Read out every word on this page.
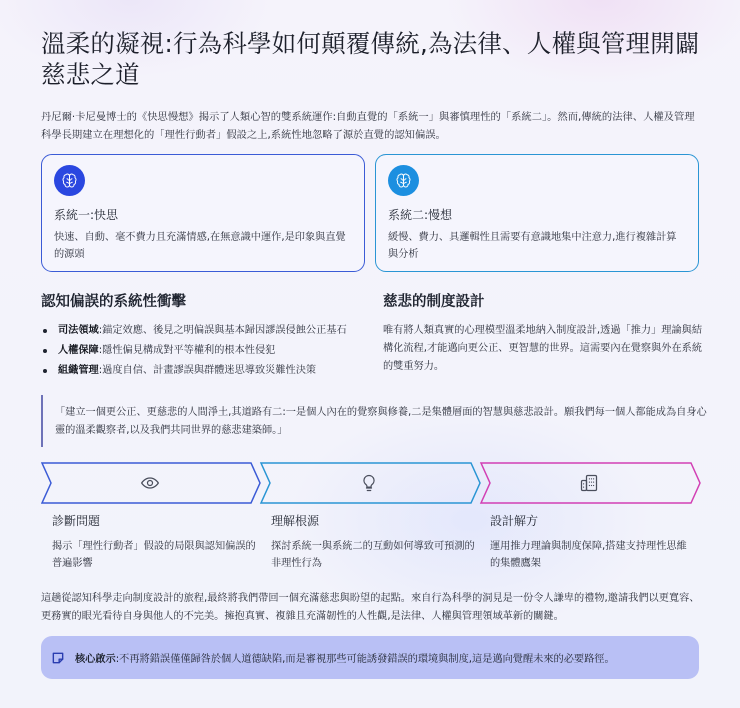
溫柔的凝視:行為科學如何顛覆傳統,為法律、人權與管理開闢慈悲之道

丹尼爾·卡尼曼博士的《快思慢想》揭示了人類心智的雙系統運作:自動直覺的「系統一」與審慎理性的「系統二」。然而,傳統的法律、人權及管理科學長期建立在理想化的「理性行動者」假設之上,系統性地忽略了源於直覺的認知偏誤。

系統一:快思
快速、自動、毫不費力且充滿情感,在無意識中運作,是印象與直覺的源頭
系統二:慢想
緩慢、費力、具邏輯性且需要有意識地集中注意力,進行複雜計算與分析
認知偏誤的系統性衝擊
司法領域:錨定效應、後見之明偏誤與基本歸因謬誤侵蝕公正基石
人權保障:隱性偏見構成對平等權利的根本性侵犯
組織管理:過度自信、計畫謬誤與群體迷思導致災難性決策
慈悲的制度設計

唯有將人類真實的心理模型溫柔地納入制度設計,透過「推力」理論與結構化流程,才能邁向更公正、更智慧的世界。這需要內在覺察與外在系統的雙重努力。

「建立一個更公正、更慈悲的人間淨土,其道路有二:一是個人內在的覺察與修養,二是集體層面的智慧與慈悲設計。願我們每一個人都能成為自身心靈的溫柔觀察者,以及我們共同世界的慈悲建築師。」
診斷問題
揭示「理性行動者」假設的局限與認知偏誤的普遍影響
理解根源
探討系統一與系統二的互動如何導致可預測的非理性行為
設計解方
運用推力理論與制度保障,搭建支持理性思維的集體鷹架

這趟從認知科學走向制度設計的旅程,最終將我們帶回一個充滿慈悲與盼望的起點。來自行為科學的洞見是一份令人謙卑的禮物,邀請我們以更寬容、更務實的眼光看待自身與他人的不完美。擁抱真實、複雜且充滿韌性的人性觀,是法律、人權與管理領域革新的關鍵。

核心啟示:不再將錯誤僅僅歸咎於個人道德缺陷,而是審視那些可能誘發錯誤的環境與制度,這是邁向覺醒未來的必要路徑。
